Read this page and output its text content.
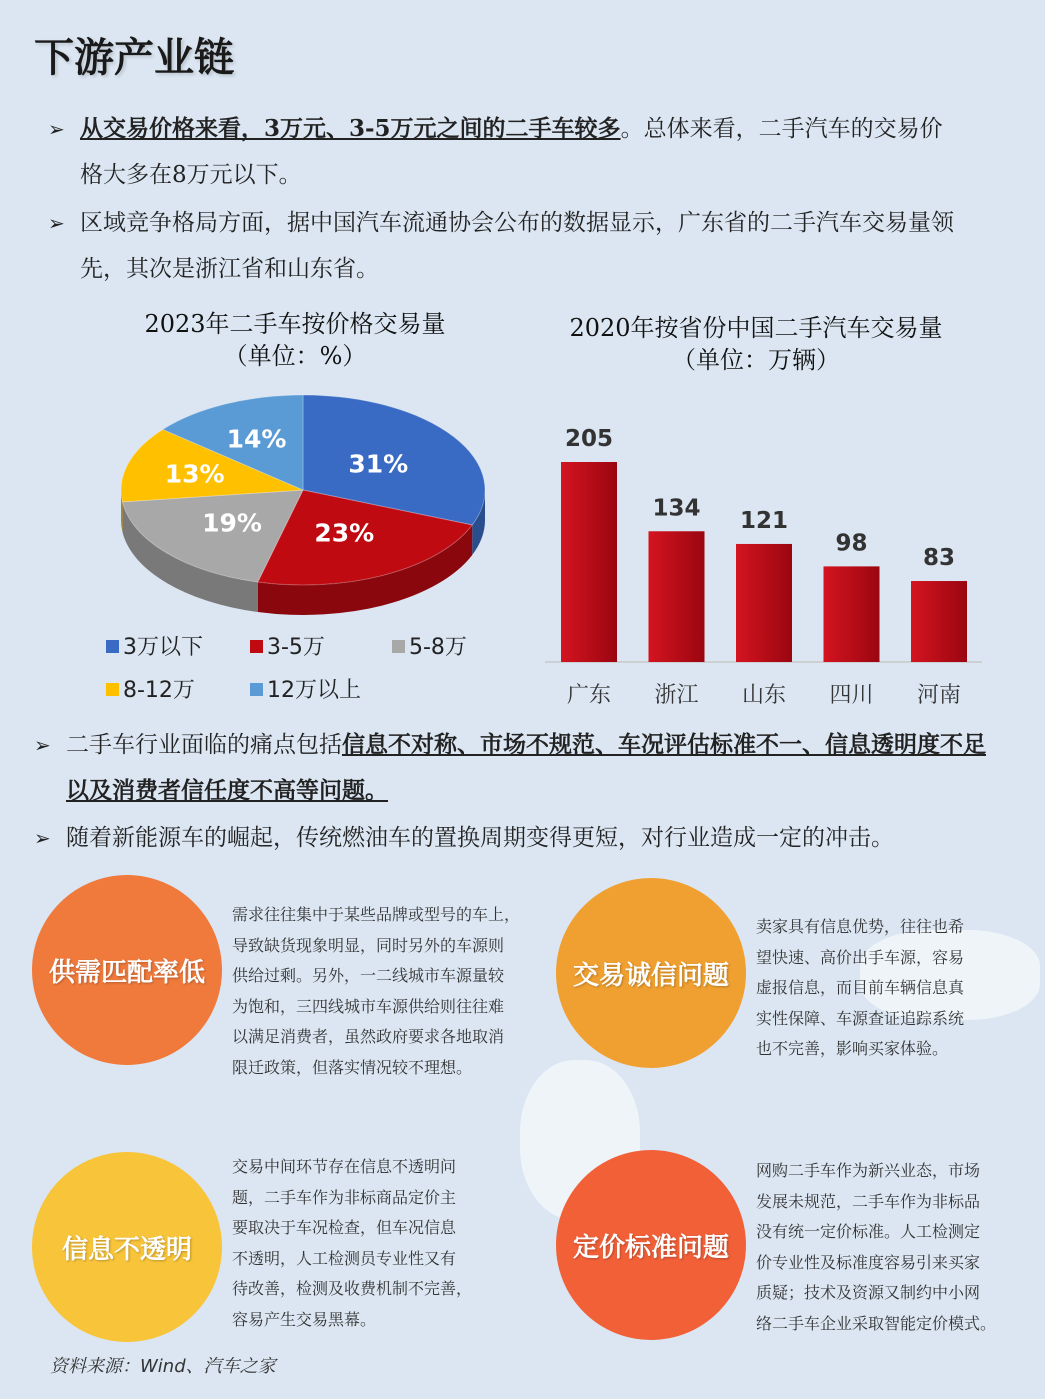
下游产业链
➢ 从交易价格来看，3万元、3-5万元之间的二手车较多。总体来看，二手汽车的交易价格大多在8万元以下。
➢ 区域竞争格局方面，据中国汽车流通协会公布的数据显示，广东省的二手汽车交易量领先，其次是浙江省和山东省。
2023年二手车按价格交易量
（单位：%）
2020年按省份中国二手汽车交易量
（单位：万辆）
31%
23%
19%
13%
14%
3万以下	3-5万	5-8万
8-12万	12万以上
205
广东
134
浙江
121
山东
98
四川
83
河南
➢ 二手车行业面临的痛点包括信息不对称、市场不规范、车况评估标准不一、信息透明度不足以及消费者信任度不高等问题。
➢ 随着新能源车的崛起，传统燃油车的置换周期变得更短，对行业造成一定的冲击。
供需匹配率低
需求往往集中于某些品牌或型号的车上，
导致缺货现象明显，同时另外的车源则
供给过剩。另外，一二线城市车源量较
为饱和，三四线城市车源供给则往往难
以满足消费者，虽然政府要求各地取消
限迁政策，但落实情况较不理想。
交易诚信问题
卖家具有信息优势，往往也希
望快速、高价出手车源，容易
虚报信息，而目前车辆信息真
实性保障、车源查证追踪系统
也不完善，影响买家体验。
信息不透明
交易中间环节存在信息不透明问
题，二手车作为非标商品定价主
要取决于车况检查，但车况信息
不透明，人工检测员专业性又有
待改善，检测及收费机制不完善，
容易产生交易黑幕。
定价标准问题
网购二手车作为新兴业态，市场
发展未规范，二手车作为非标品
没有统一定价标准。人工检测定
价专业性及标准度容易引来买家
质疑；技术及资源又制约中小网
络二手车企业采取智能定价模式。
资料来源：Wind、汽车之家
